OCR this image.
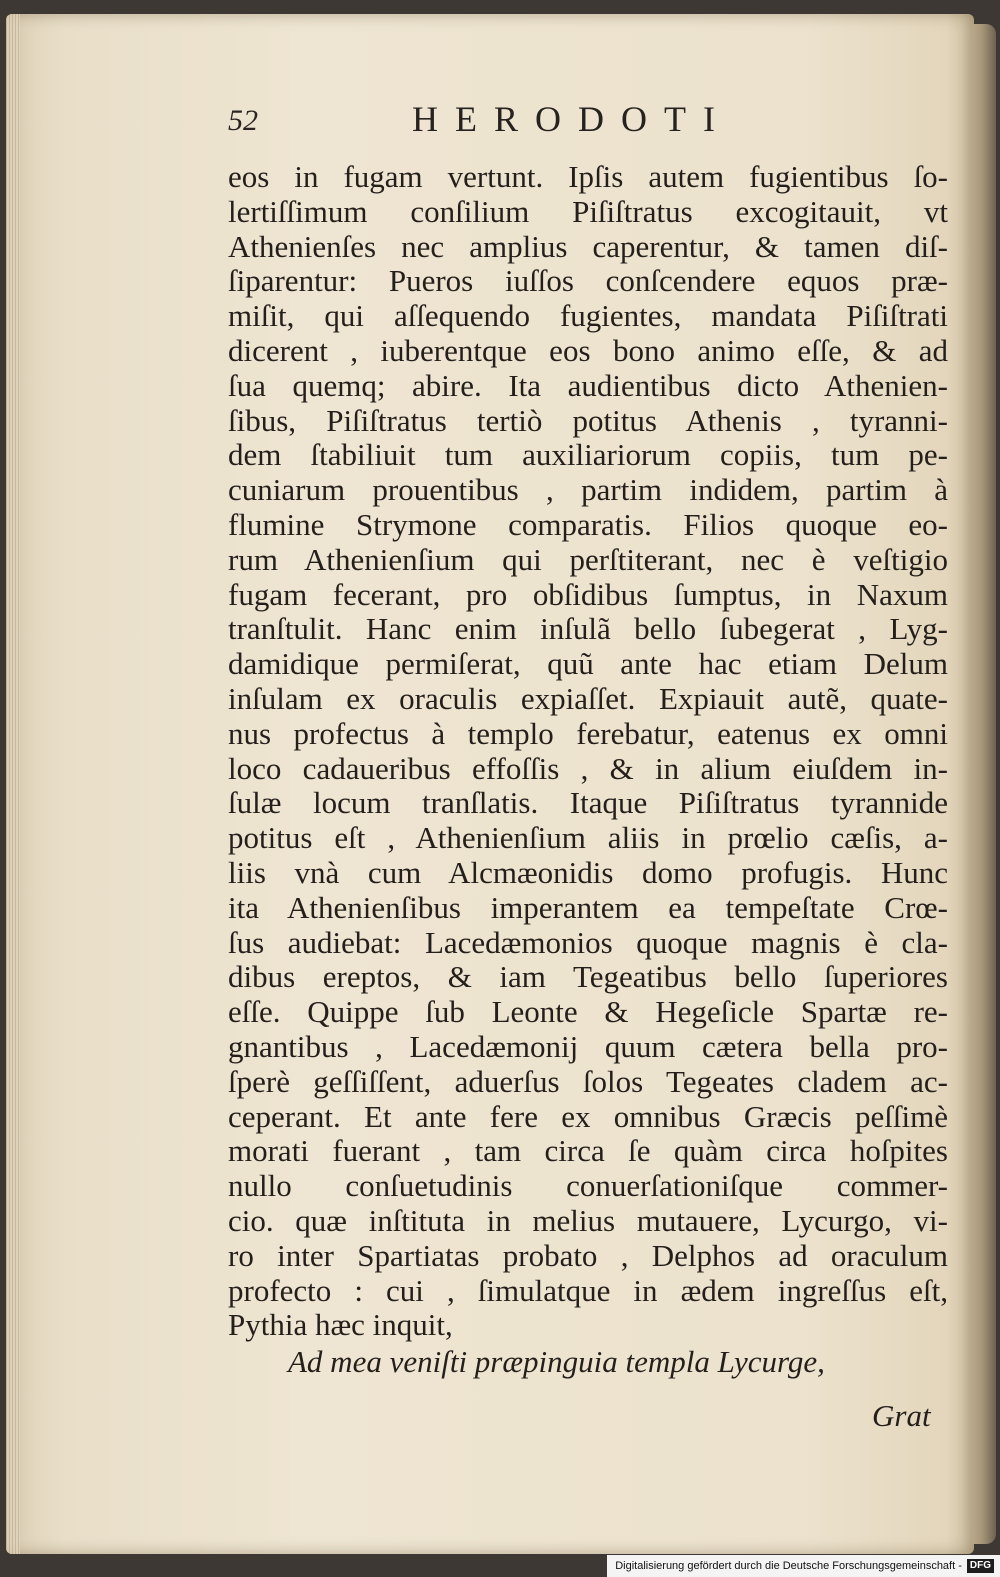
52	HERODOTI
eos in fugam vertunt. Ipſis autem fugientibus ſo-
lertiſſimum conſilium Piſiſtratus excogitauit, vt
Athenienſes nec amplius caperentur, & tamen diſ-
ſiparentur: Pueros iuſſos conſcendere equos præ-
miſit, qui aſſequendo fugientes, mandata Piſiſtrati
dicerent , iuberentque eos bono animo eſſe, & ad
ſua quemq; abire. Ita audientibus dicto Athenien-
ſibus, Piſiſtratus tertiò potitus Athenis , tyranni-
dem ſtabiliuit tum auxiliariorum copiis, tum pe-
cuniarum prouentibus , partim indidem, partim à
flumine Strymone comparatis. Filios quoque eo-
rum Athenienſium qui perſtiterant, nec è veſtigio
fugam fecerant, pro obſidibus ſumptus, in Naxum
tranſtulit. Hanc enim inſulã bello ſubegerat , Lyg-
damidique permiſerat, quũ ante hac etiam Delum
inſulam ex oraculis expiaſſet. Expiauit autẽ, quate-
nus profectus à templo ferebatur, eatenus ex omni
loco cadaueribus effoſſis , & in alium eiuſdem in-
ſulæ locum tranſlatis. Itaque Piſiſtratus tyrannide
potitus eſt , Athenienſium aliis in prœlio cæſis, a-
liis vnà cum Alcmæonidis domo profugis. Hunc
ita Athenienſibus imperantem ea tempeſtate Crœ-
ſus audiebat: Lacedæmonios quoque magnis è cla-
dibus ereptos, & iam Tegeatibus bello ſuperiores
eſſe. Quippe ſub Leonte & Hegeſicle Spartæ re-
gnantibus , Lacedæmonij quum cætera bella pro-
ſperè geſſiſſent, aduerſus ſolos Tegeates cladem ac-
ceperant. Et ante fere ex omnibus Græcis peſſimè
morati fuerant , tam circa ſe quàm circa hoſpites
nullo conſuetudinis conuerſationiſque commer-
cio. quæ inſtituta in melius mutauere, Lycurgo, vi-
ro inter Spartiatas probato , Delphos ad oraculum
profecto : cui , ſimulatque in ædem ingreſſus eſt,
Pythia hæc inquit,
Ad mea veniſti præpinguia templa Lycurge,
Grat
Digitalisierung gefördert durch die Deutsche Forschungsgemeinschaft - DFG
